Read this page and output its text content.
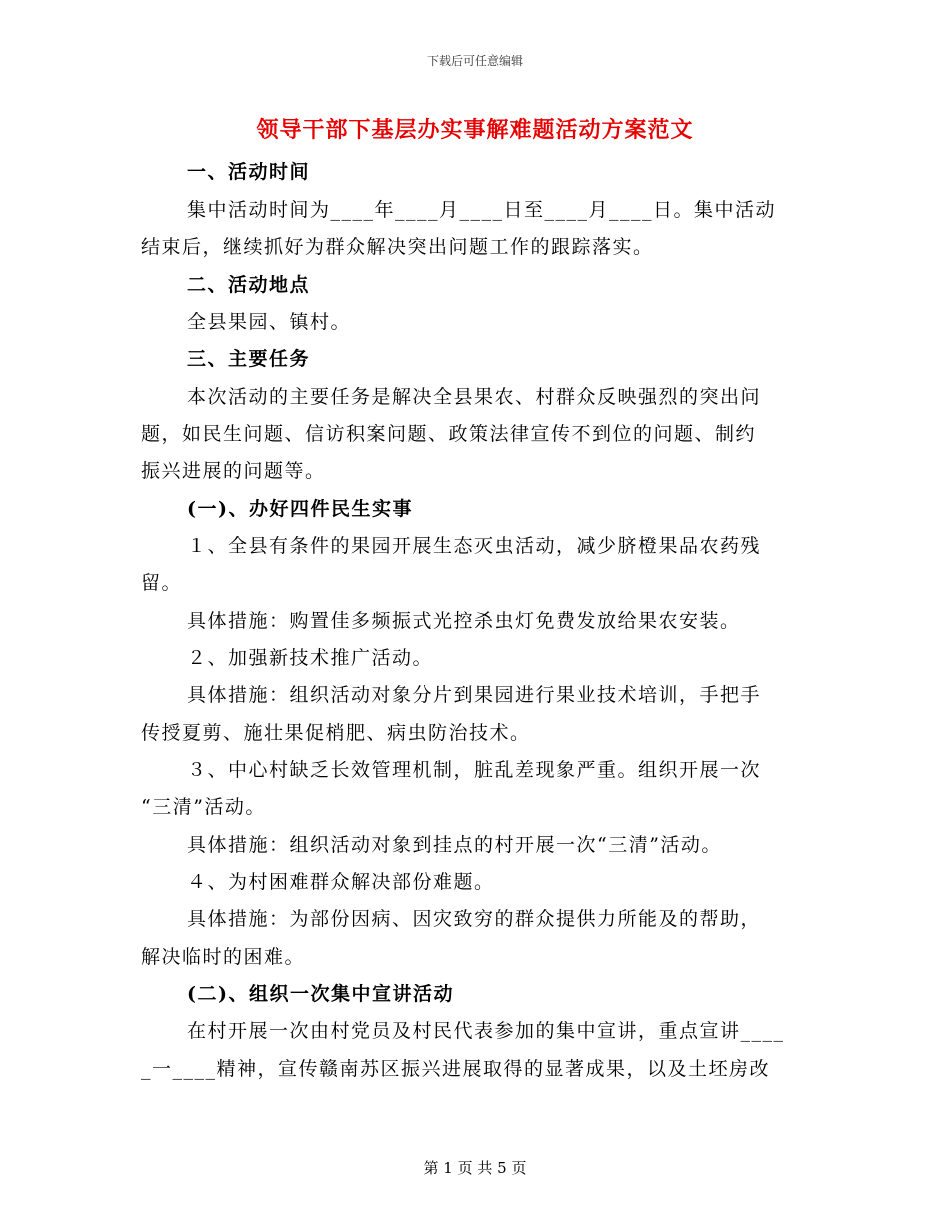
下载后可任意编辑
领导干部下基层办实事解难题活动方案范文
一、活动时间
集中活动时间为____年____月____日至____月____日。集中活动
结束后，继续抓好为群众解决突出问题工作的跟踪落实。
二、活动地点
全县果园、镇村。
三、主要任务
本次活动的主要任务是解决全县果农、村群众反映强烈的突出问
题，如民生问题、信访积案问题、政策法律宣传不到位的问题、制约
振兴进展的问题等。
(一)、办好四件民生实事
１、全县有条件的果园开展生态灭虫活动，减少脐橙果品农药残
留。
具体措施：购置佳多频振式光控杀虫灯免费发放给果农安装。
２、加强新技术推广活动。
具体措施：组织活动对象分片到果园进行果业技术培训，手把手
传授夏剪、施壮果促梢肥、病虫防治技术。
３、中心村缺乏长效管理机制，脏乱差现象严重。组织开展一次
“三清”活动。
具体措施：组织活动对象到挂点的村开展一次“三清”活动。
４、为村困难群众解决部份难题。
具体措施：为部份因病、因灾致穷的群众提供力所能及的帮助，
解决临时的困难。
(二)、组织一次集中宣讲活动
在村开展一次由村党员及村民代表参加的集中宣讲，重点宣讲____
_一____精神，宣传赣南苏区振兴进展取得的显著成果，以及土坯房改
第 1 页 共 5 页
